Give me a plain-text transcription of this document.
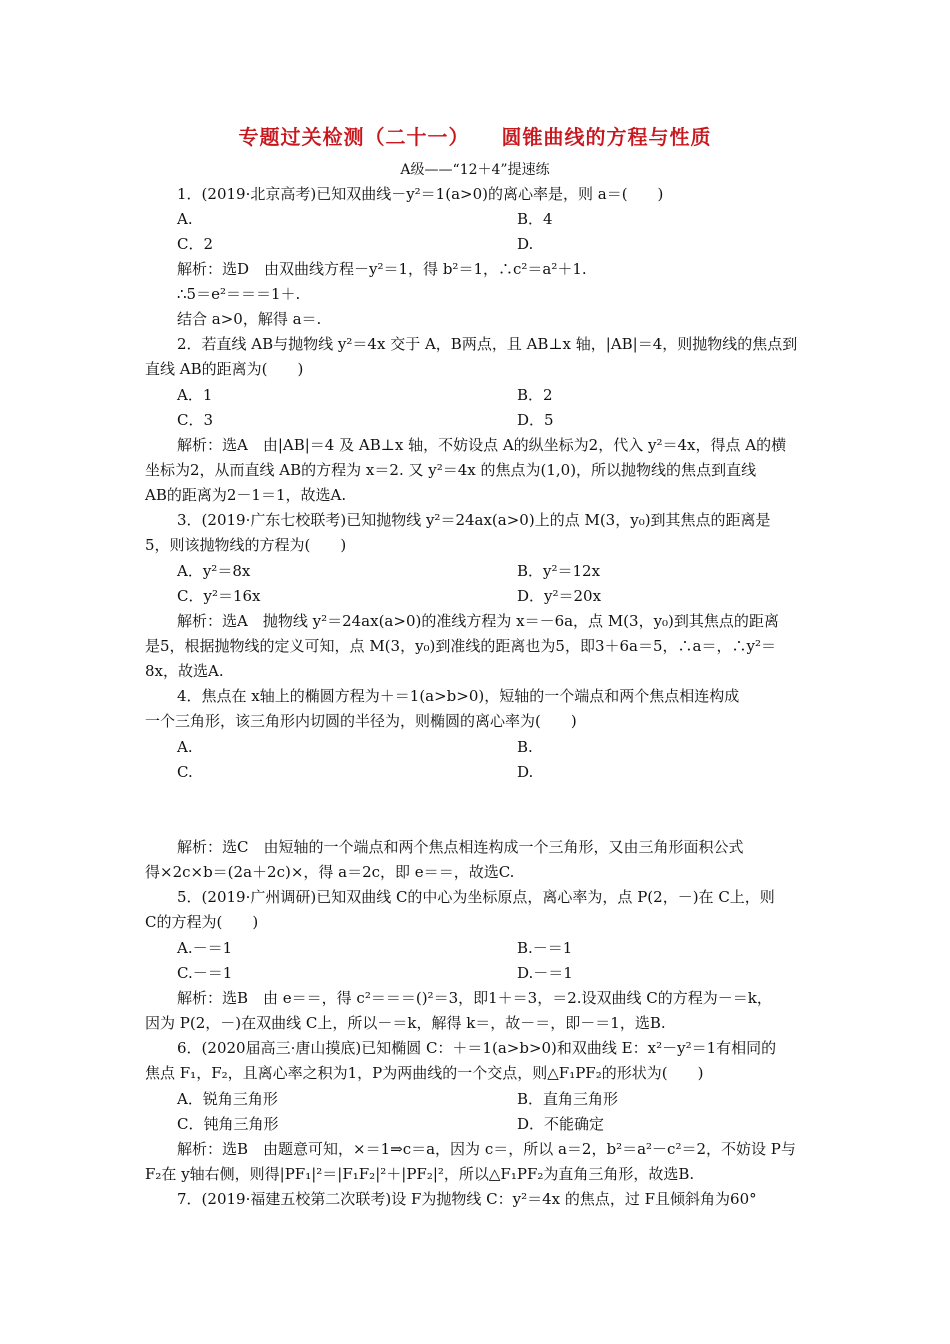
专题过关检测（二十一） 圆锥曲线的方程与性质
A级——“12＋4”提速练
1．(2019·北京高考)已知双曲线－y²＝1(a>0)的离心率是，则 a＝(　　)
A.	B．4
C．2	D.
解析：选D　由双曲线方程－y²＝1，得 b²＝1，∴c²＝a²＋1.
∴5＝e²＝＝＝1＋.
结合 a>0，解得 a＝.
2．若直线 AB与抛物线 y²＝4x 交于 A，B两点，且 AB⊥x 轴，|AB|＝4，则抛物线的焦点到
直线 AB的距离为(　　)
A．1	B．2
C．3	D．5
解析：选A　由|AB|＝4 及 AB⊥x 轴，不妨设点 A的纵坐标为2，代入 y²＝4x，得点 A的横
坐标为2，从而直线 AB的方程为 x＝2. 又 y²＝4x 的焦点为(1,0)，所以抛物线的焦点到直线
AB的距离为2－1＝1，故选A.
3．(2019·广东七校联考)已知抛物线 y²＝24ax(a>0)上的点 M(3，y₀)到其焦点的距离是
5，则该抛物线的方程为(　　)
A．y²＝8x	B．y²＝12x
C．y²＝16x	D．y²＝20x
解析：选A　抛物线 y²＝24ax(a>0)的准线方程为 x＝－6a，点 M(3，y₀)到其焦点的距离
是5，根据抛物线的定义可知，点 M(3，y₀)到准线的距离也为5，即3＋6a＝5，∴a＝，∴y²＝
8x，故选A.
4．焦点在 x轴上的椭圆方程为＋＝1(a>b>0)，短轴的一个端点和两个焦点相连构成
一个三角形，该三角形内切圆的半径为，则椭圆的离心率为(　　)
A.	B.
C.	D.
解析：选C　由短轴的一个端点和两个焦点相连构成一个三角形，又由三角形面积公式
得×2c×b＝(2a＋2c)×，得 a＝2c，即 e＝＝，故选C.
5．(2019·广州调研)已知双曲线 C的中心为坐标原点，离心率为，点 P(2，－)在 C上，则
C的方程为(　　)
A.－＝1	B.－＝1
C.－＝1	D.－＝1
解析：选B　由 e＝＝，得 c²＝＝＝()²＝3，即1＋＝3，＝2.设双曲线 C的方程为－＝k，
因为 P(2，－)在双曲线 C上，所以－＝k，解得 k＝，故－＝，即－＝1，选B.
6．(2020届高三·唐山摸底)已知椭圆 C：＋＝1(a>b>0)和双曲线 E：x²－y²＝1有相同的
焦点 F₁，F₂，且离心率之积为1，P为两曲线的一个交点，则△F₁PF₂的形状为(　　)
A．锐角三角形	B．直角三角形
C．钝角三角形	D．不能确定
解析：选B　由题意可知，×＝1⇒c＝a，因为 c＝，所以 a＝2，b²＝a²－c²＝2，不妨设 P与
F₂在 y轴右侧，则得|PF₁|²＝|F₁F₂|²＋|PF₂|²，所以△F₁PF₂为直角三角形，故选B.
7．(2019·福建五校第二次联考)设 F为抛物线 C：y²＝4x 的焦点，过 F且倾斜角为60°
